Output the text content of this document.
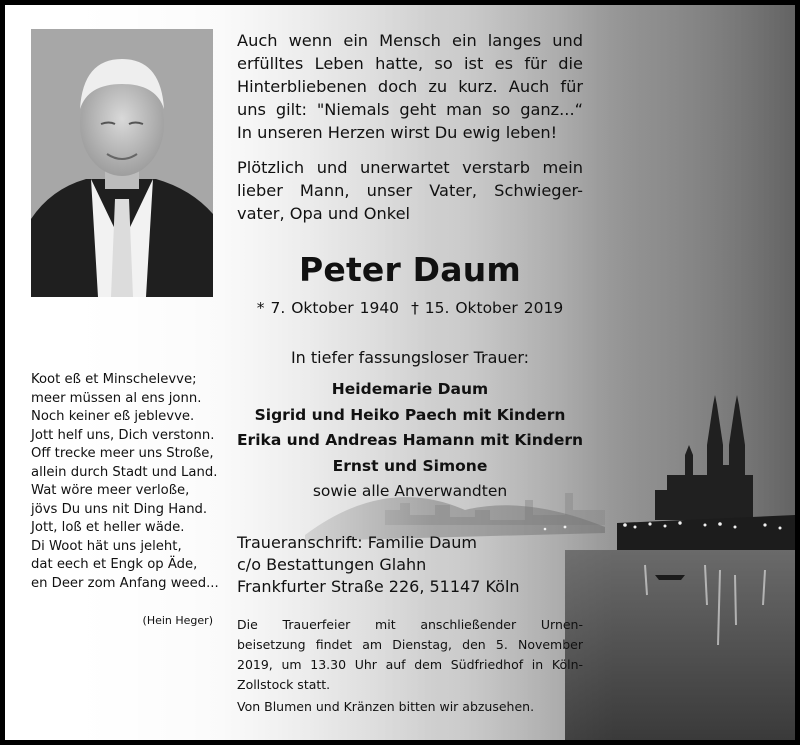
Koot eß et Minschelevve;
meer müssen al ens jonn.
Noch keiner eß jeblevve.
Jott helf uns, Dich verstonn.
Off trecke meer uns Stroße,
allein durch Stadt und Land.
Wat wöre meer verloße,
jövs Du uns nit Ding Hand.
Jott, loß et heller wäde.
Di Woot hät uns jeleht,
dat eech et Engk op Äde,
en Deer zom Anfang weed...
(Hein Heger)
Auch wenn ein Mensch ein langes und
erfülltes Leben hatte, so ist es für die
Hinterbliebenen doch zu kurz. Auch für
uns gilt: "Niemals geht man so ganz...“
In unseren Herzen wirst Du ewig leben!
Plötzlich und unerwartet verstarb mein
lieber Mann, unser Vater, Schwieger-
vater, Opa und Onkel
Peter Daum
* 7. Oktober 1940 † 15. Oktober 2019
In tiefer fassungsloser Trauer:
Heidemarie Daum
Sigrid und Heiko Paech mit Kindern
Erika und Andreas Hamann mit Kindern
Ernst und Simone
sowie alle Anverwandten
Traueranschrift: Familie Daum
c/o Bestattungen Glahn
Frankfurter Straße 226, 51147 Köln
Die Trauerfeier mit anschließender Urnen-
beisetzung findet am Dienstag, den 5. November
2019, um 13.30 Uhr auf dem Südfriedhof in Köln-
Zollstock statt.
Von Blumen und Kränzen bitten wir abzusehen.
